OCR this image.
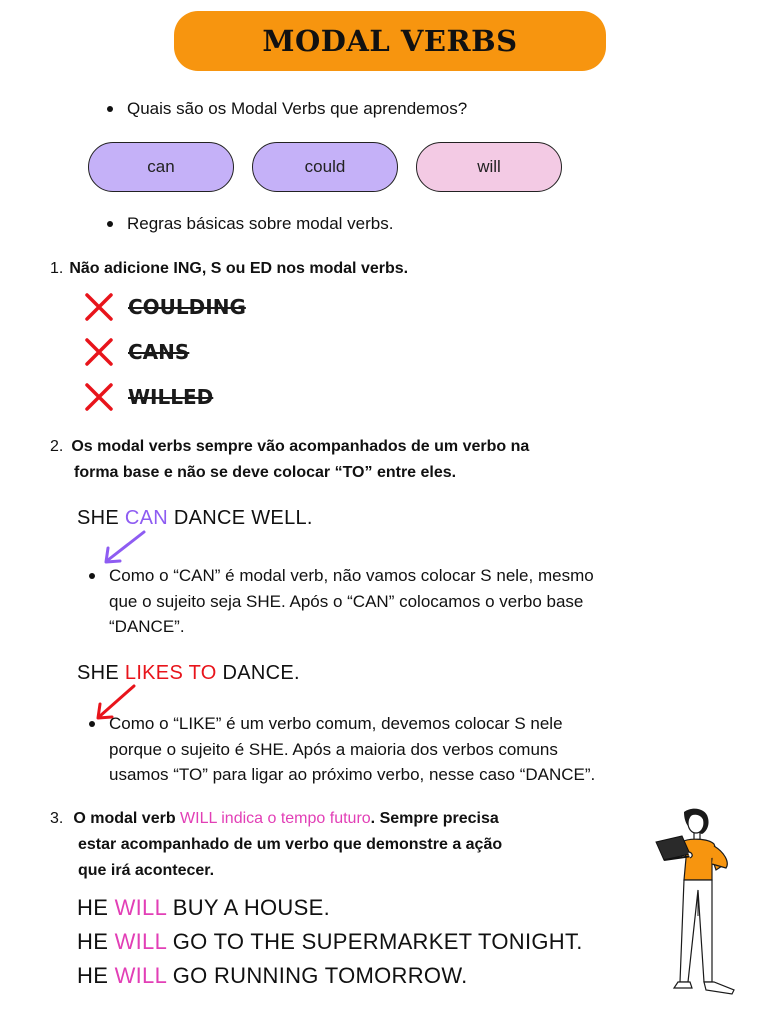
MODAL VERBS
Quais são os Modal Verbs que aprendemos?
can	could	will
Regras básicas sobre modal verbs.
1. Não adicione ING, S ou ED nos modal verbs.
COULDING
CANS
WILLED
2. Os modal verbs sempre vão acompanhados de um verbo na
forma base e não se deve colocar “TO” entre eles.
SHE CAN DANCE WELL.
Como o “CAN” é modal verb, não vamos colocar S nele, mesmo
que o sujeito seja SHE. Após o “CAN” colocamos o verbo base
“DANCE”.
SHE LIKES TO DANCE.
Como o “LIKE” é um verbo comum, devemos colocar S nele
porque o sujeito é SHE. Após a maioria dos verbos comuns
usamos “TO” para ligar ao próximo verbo, nesse caso “DANCE”.
3. O modal verb WILL indica o tempo futuro. Sempre precisa
estar acompanhado de um verbo que demonstre a ação
que irá acontecer.
HE WILL BUY A HOUSE.
HE WILL GO TO THE SUPERMARKET TONIGHT.
HE WILL GO RUNNING TOMORROW.
